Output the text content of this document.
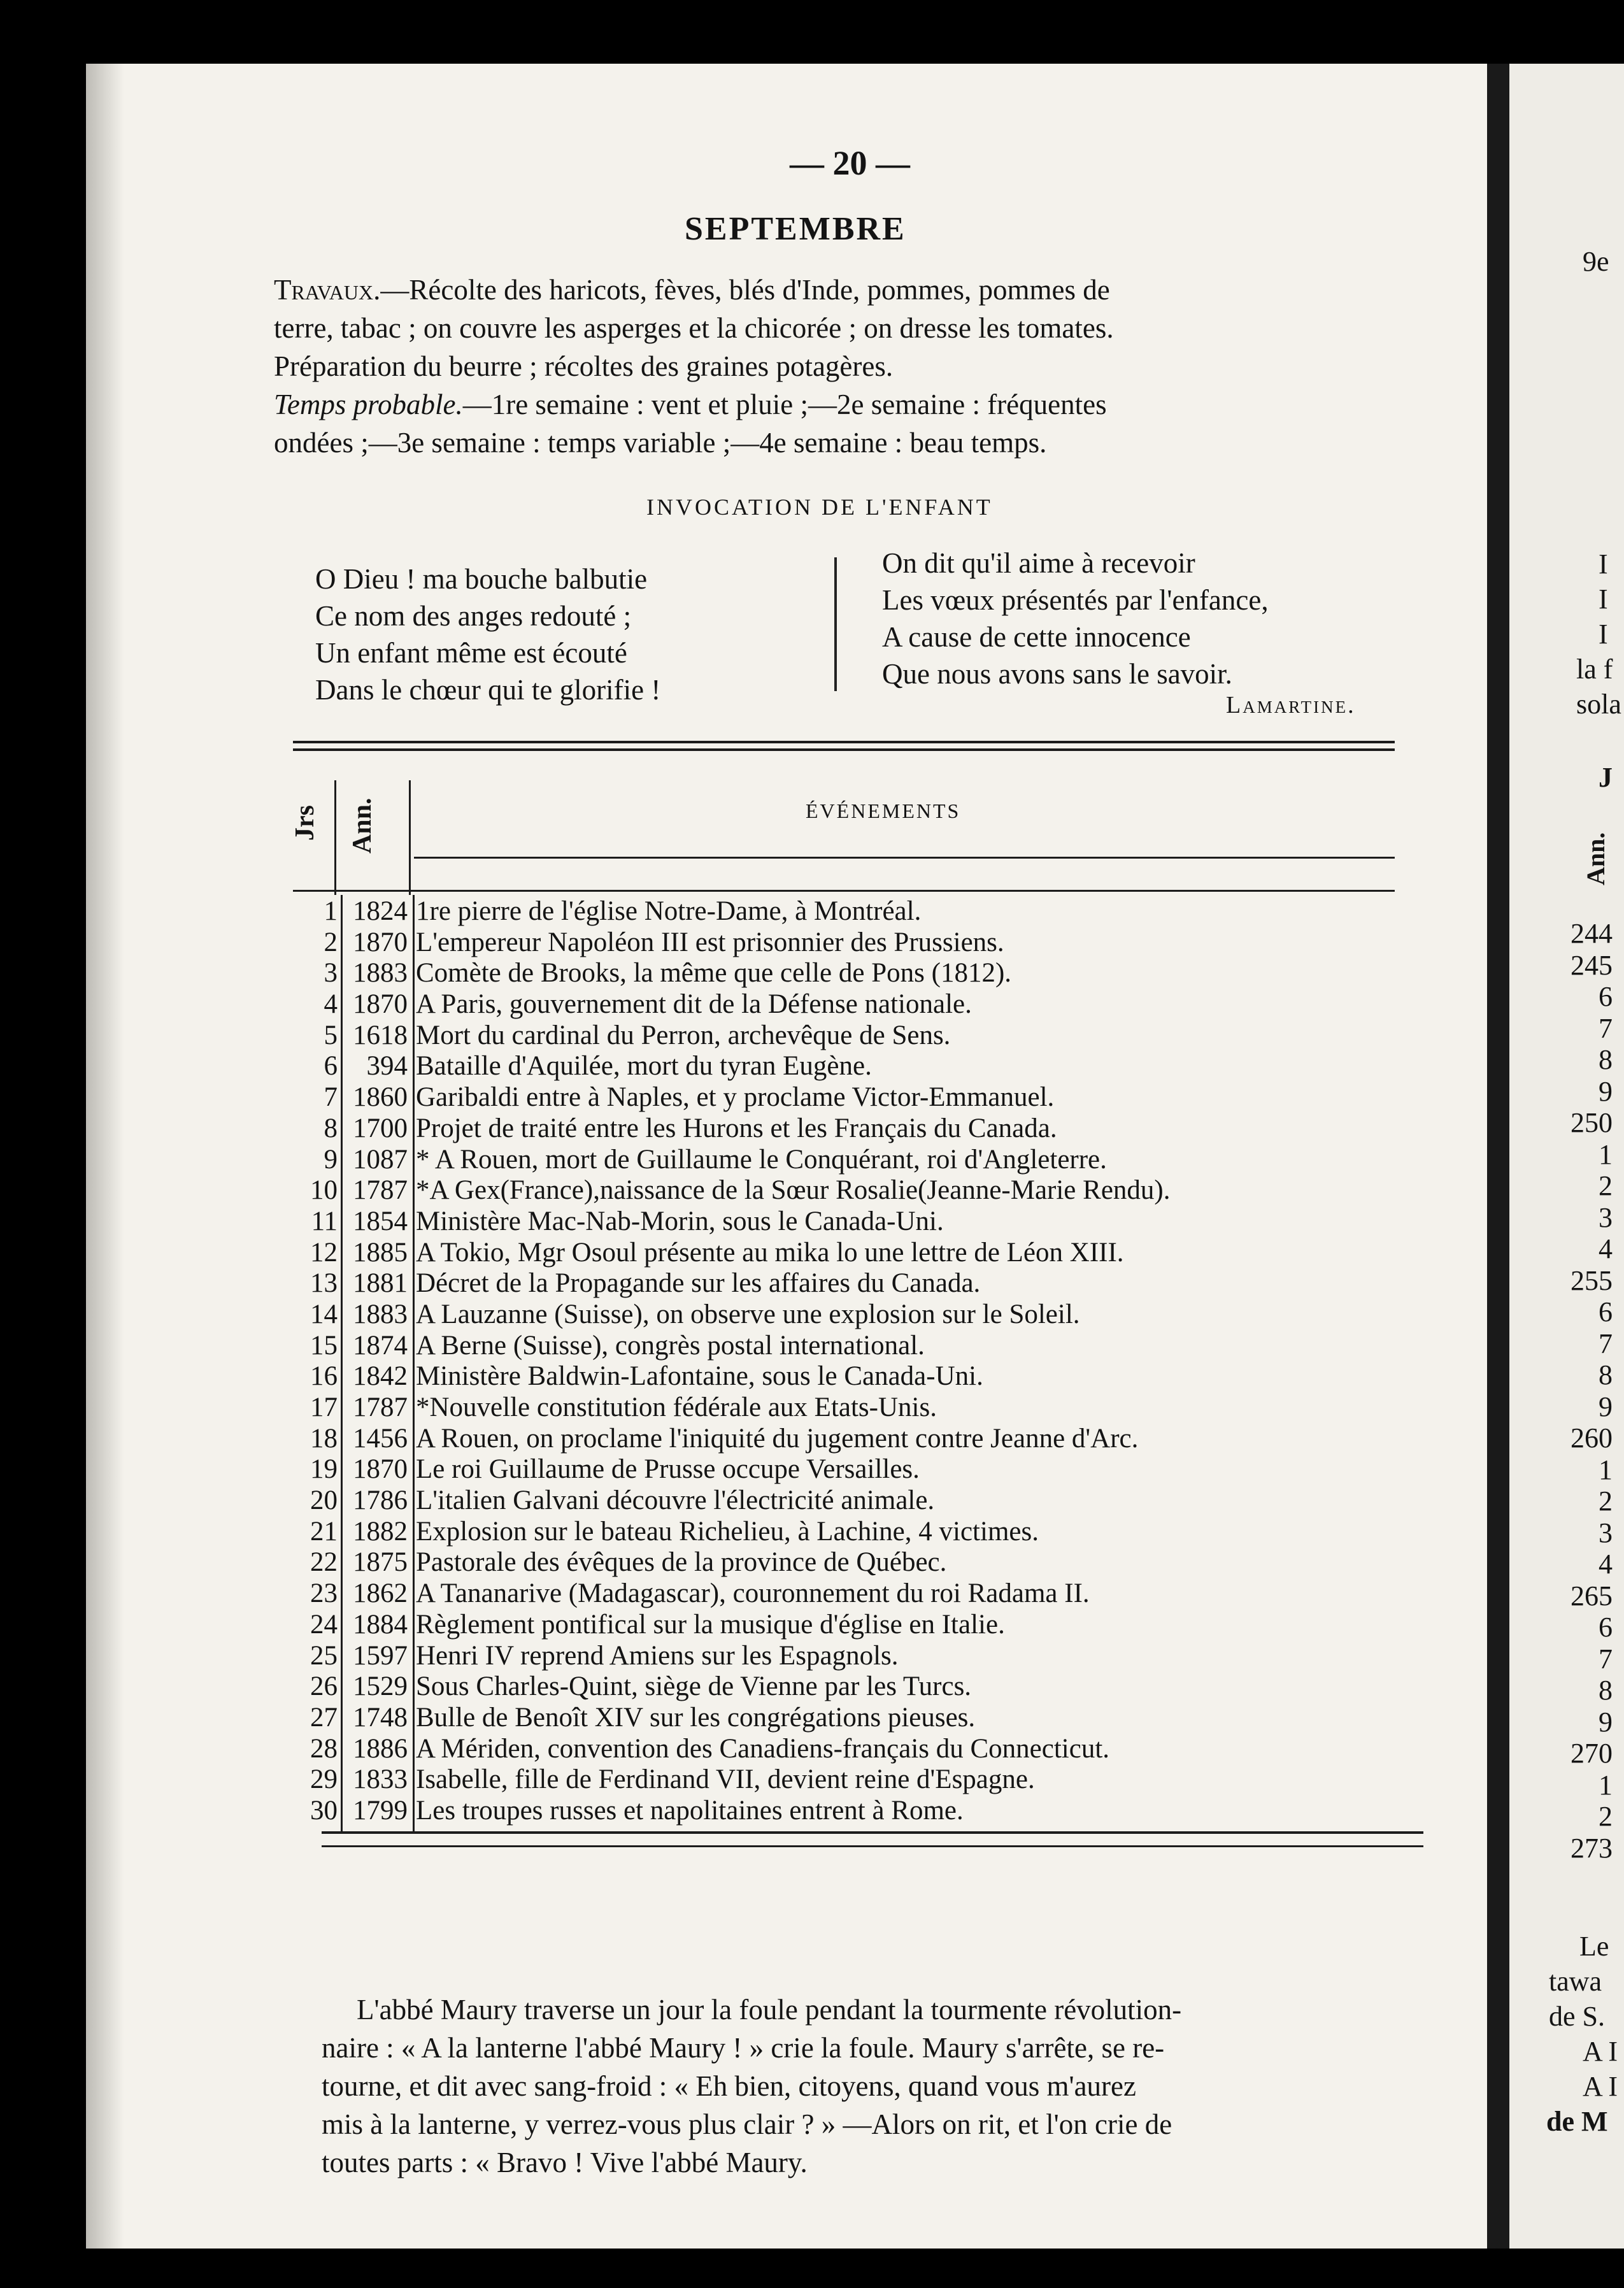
— 20 —
SEPTEMBRE
Travaux.—Récolte des haricots, fèves, blés d'Inde, pommes, pommes de
terre, tabac ; on couvre les asperges et la chicorée ; on dresse les tomates.
Préparation du beurre ; récoltes des graines potagères.
Temps probable.—1re semaine : vent et pluie ;—2e semaine : fréquentes
ondées ;—3e semaine : temps variable ;—4e semaine : beau temps.
INVOCATION DE L'ENFANT
O Dieu ! ma bouche balbutie
Ce nom des anges redouté ;
Un enfant même est écouté
Dans le chœur qui te glorifie !
On dit qu'il aime à recevoir
Les vœux présentés par l'enfance,
A cause de cette innocence
Que nous avons sans le savoir.
Lamartine.
Jrs Ann.	ÉVÉNEMENTS
1 1824 1re pierre de l'église Notre-Dame, à Montréal.
2 1870 L'empereur Napoléon III est prisonnier des Prussiens.
3 1883 Comète de Brooks, la même que celle de Pons (1812).
4 1870 A Paris, gouvernement dit de la Défense nationale.
5 1618 Mort du cardinal du Perron, archevêque de Sens.
6	394 Bataille d'Aquilée, mort du tyran Eugène.
7 1860 Garibaldi entre à Naples, et y proclame Victor-Emmanuel.
8 1700 Projet de traité entre les Hurons et les Français du Canada.
9 1087 * A Rouen, mort de Guillaume le Conquérant, roi d'Angleterre.
10 1787 *A Gex(France),naissance de la Sœur Rosalie(Jeanne-Marie Rendu).
11 1854 Ministère Mac-Nab-Morin, sous le Canada-Uni.
12 1885 A Tokio, Mgr Osoul présente au mika lo une lettre de Léon XIII.
13 1881 Décret de la Propagande sur les affaires du Canada.
14 1883 A Lauzanne (Suisse), on observe une explosion sur le Soleil.
15 1874 A Berne (Suisse), congrès postal international.
16 1842 Ministère Baldwin-Lafontaine, sous le Canada-Uni.
17 1787 *Nouvelle constitution fédérale aux Etats-Unis.
18 1456 A Rouen, on proclame l'iniquité du jugement contre Jeanne d'Arc.
19 1870 Le roi Guillaume de Prusse occupe Versailles.
20 1786 L'italien Galvani découvre l'électricité animale.
21 1882 Explosion sur le bateau Richelieu, à Lachine, 4 victimes.
22 1875 Pastorale des évêques de la province de Québec.
23 1862 A Tananarive (Madagascar), couronnement du roi Radama II.
24 1884 Règlement pontifical sur la musique d'église en Italie.
25 1597 Henri IV reprend Amiens sur les Espagnols.
26 1529 Sous Charles-Quint, siège de Vienne par les Turcs.
27 1748 Bulle de Benoît XIV sur les congrégations pieuses.
28 1886 A Mériden, convention des Canadiens-français du Connecticut.
29 1833 Isabelle, fille de Ferdinand VII, devient reine d'Espagne.
30 1799 Les troupes russes et napolitaines entrent à Rome.
L'abbé Maury traverse un jour la foule pendant la tourmente révolution-
naire : « A la lanterne l'abbé Maury ! » crie la foule. Maury s'arrête, se re-
tourne, et dit avec sang-froid : « Eh bien, citoyens, quand vous m'aurez
mis à la lanterne, y verrez-vous plus clair ? » —Alors on rit, et l'on crie de
toutes parts : « Bravo ! Vive l'abbé Maury.
9e
I
I
I
la f
sola
J
Ann.
Le
tawa
de S.
A I
A I
de M
244
245
6
7
8
9
250
1
2
3
4
255
6
7
8
9
260
1
2
3
4
265
6
7
8
9
270
1
2
273
